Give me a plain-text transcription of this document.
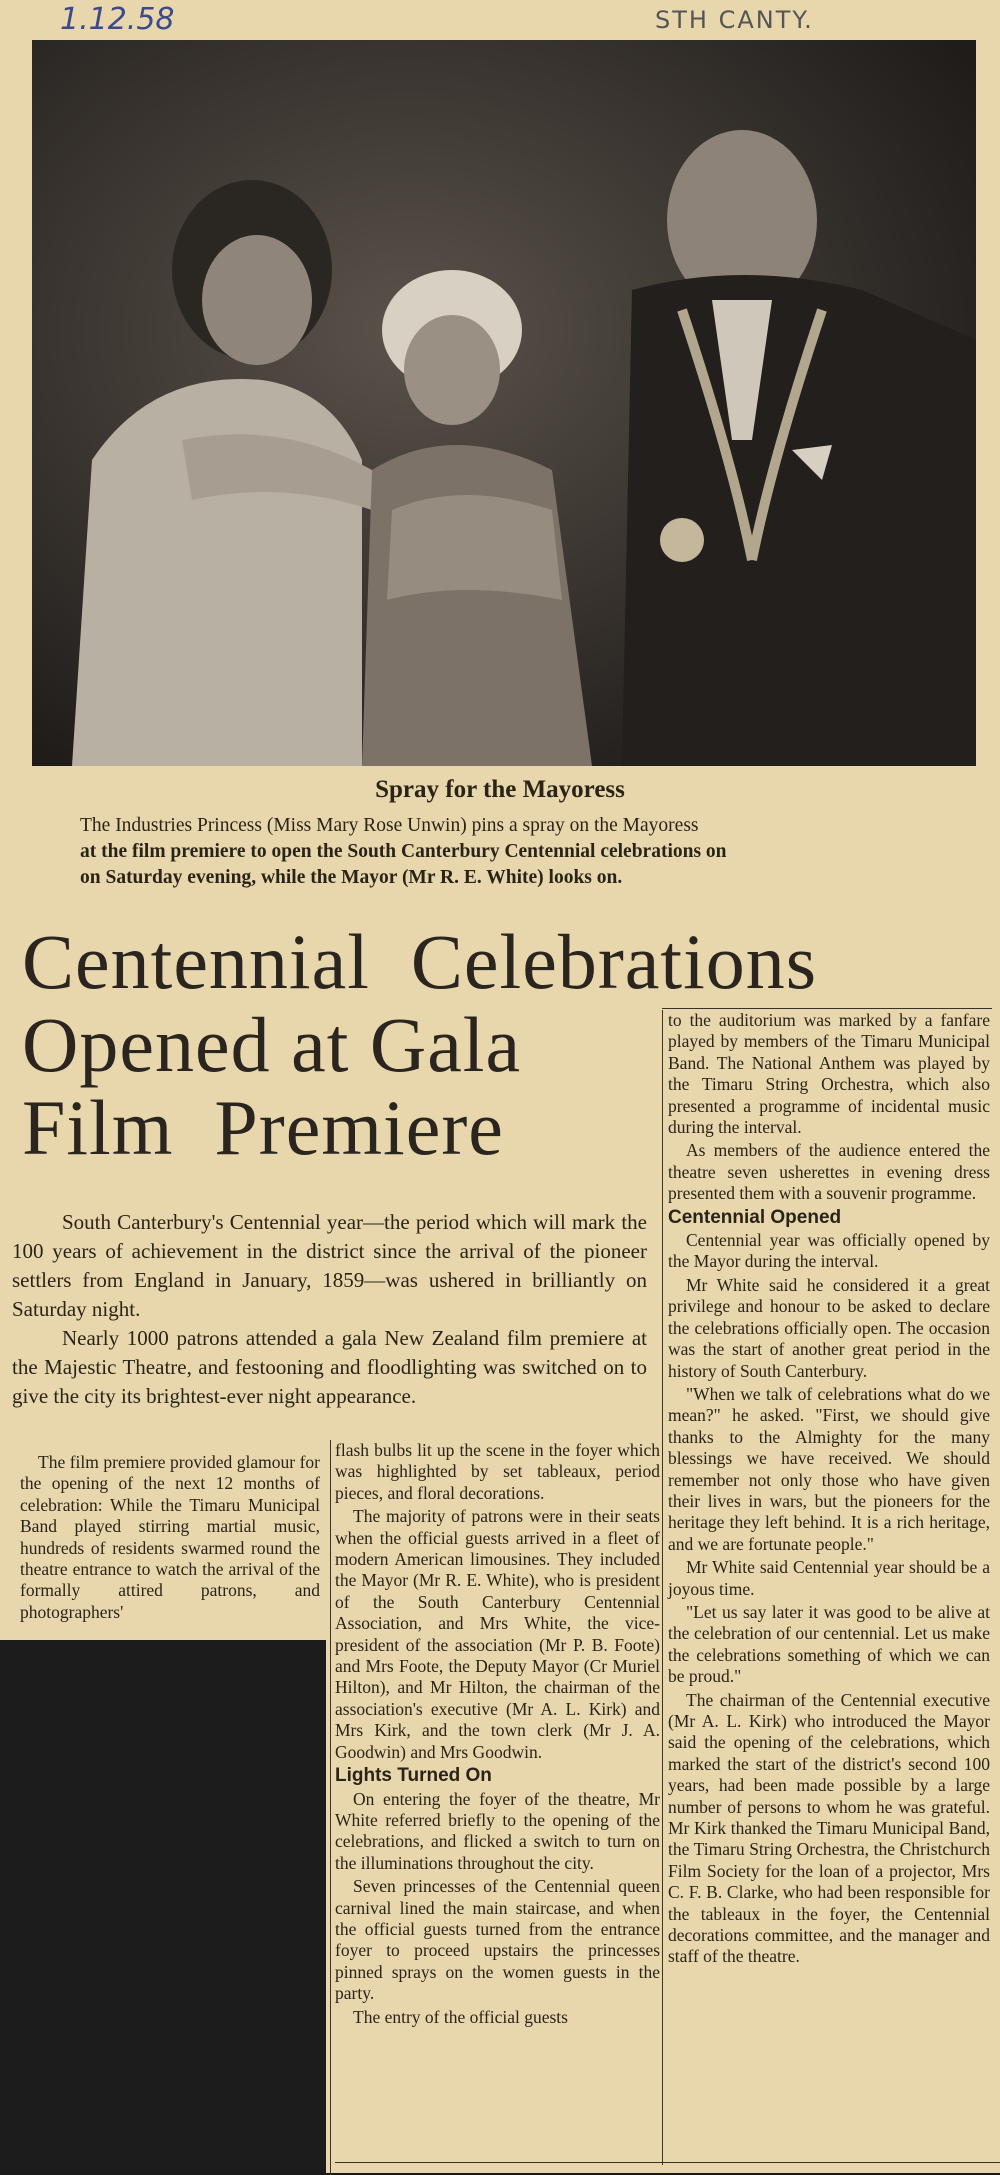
1.12.58	STH CANTY.
Spray for the Mayoress
The Industries Princess (Miss Mary Rose Unwin) pins a spray on the Mayoress
at the film premiere to open the South Canterbury Centennial celebrations on
on Saturday evening, while the Mayor (Mr R. E. White) looks on.
Centennial  Celebrations
Opened at Gala
Film  Premiere

South Canterbury's Centennial year—the period which will mark the 100 years of achievement in the district since the arrival of the pioneer settlers from England in January, 1859—was ushered in brilliantly on Saturday night.

Nearly 1000 patrons attended a gala New Zealand film premiere at the Majestic Theatre, and festooning and floodlighting was switched on to give the city its brightest-ever night appearance.

The film premiere provided glamour for the opening of the next 12 months of celebration: While the Timaru Municipal Band played stirring martial music, hundreds of residents swarmed round the theatre entrance to watch the arrival of the formally attired patrons, and photographers'

flash bulbs lit up the scene in the foyer which was highlighted by set tableaux, period pieces, and floral decorations.

The majority of patrons were in their seats when the official guests arrived in a fleet of modern American limousines. They included the Mayor (Mr R. E. White), who is president of the South Canterbury Centennial Association, and Mrs White, the vice-president of the association (Mr P. B. Foote) and Mrs Foote, the Deputy Mayor (Cr Muriel Hilton), and Mr Hilton, the chairman of the association's executive (Mr A. L. Kirk) and Mrs Kirk, and the town clerk (Mr J. A. Goodwin) and Mrs Goodwin.

Lights Turned On

On entering the foyer of the theatre, Mr White referred briefly to the opening of the celebrations, and flicked a switch to turn on the illuminations throughout the city.

Seven princesses of the Centennial queen carnival lined the main staircase, and when the official guests turned from the entrance foyer to proceed upstairs the princesses pinned sprays on the women guests in the party.

The entry of the official guests

to the auditorium was marked by a fanfare played by members of the Timaru Municipal Band. The National Anthem was played by the Timaru String Orchestra, which also presented a programme of incidental music during the interval.

As members of the audience entered the theatre seven usherettes in evening dress presented them with a souvenir programme.

Centennial Opened

Centennial year was officially opened by the Mayor during the interval.

Mr White said he considered it a great privilege and honour to be asked to declare the celebrations officially open. The occasion was the start of another great period in the history of South Canterbury.

"When we talk of celebrations what do we mean?" he asked. "First, we should give thanks to the Almighty for the many blessings we have received. We should remember not only those who have given their lives in wars, but the pioneers for the heritage they left behind. It is a rich heritage, and we are fortunate people."

Mr White said Centennial year should be a joyous time.

"Let us say later it was good to be alive at the celebration of our centennial. Let us make the celebrations something of which we can be proud."

The chairman of the Centennial executive (Mr A. L. Kirk) who introduced the Mayor said the opening of the celebrations, which marked the start of the district's second 100 years, had been made possible by a large number of persons to whom he was grateful. Mr Kirk thanked the Timaru Municipal Band, the Timaru String Orchestra, the Christchurch Film Society for the loan of a projector, Mrs C. F. B. Clarke, who had been responsible for the tableaux in the foyer, the Centennial decorations committee, and the manager and staff of the theatre.
